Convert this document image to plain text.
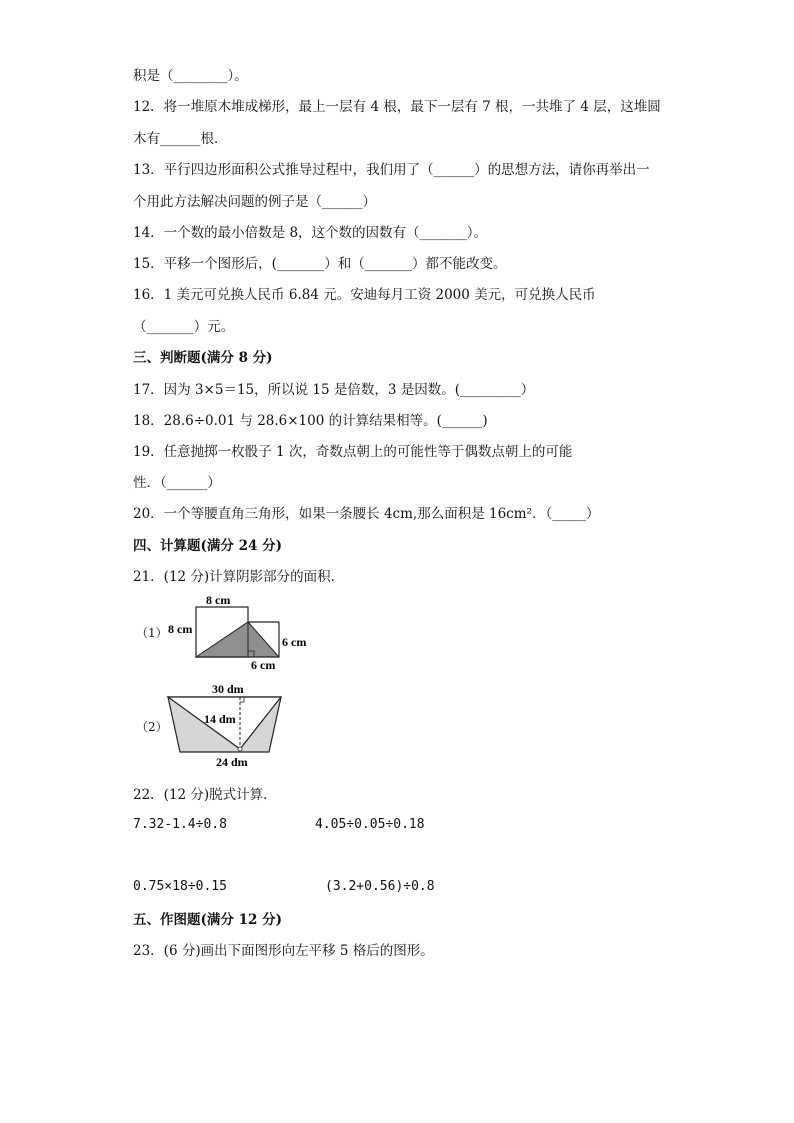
积是（________）。
12．将一堆原木堆成梯形，最上一层有 4 根，最下一层有 7 根，一共堆了 4 层，这堆圆
木有______根．
13．平行四边形面积公式推导过程中，我们用了（______）的思想方法，请你再举出一
个用此方法解决问题的例子是（______）
14．一个数的最小倍数是 8，这个数的因数有（_______）。
15．平移一个图形后，(_______）和（_______）都不能改变。
16．1 美元可兑换人民币 6.84 元。安迪每月工资 2000 美元，可兑换人民币
（_______）元。
三、判断题(满分 8 分)
17．因为 3×5＝15，所以说 15 是倍数，3 是因数。(_________）
18．28.6÷0.01 与 28.6×100 的计算结果相等。(______)
19．任意抛掷一枚骰子 1 次，奇数点朝上的可能性等于偶数点朝上的可能
性．（______）
20．一个等腰直角三角形，如果一条腰长 4cm,那么面积是 16cm²．（_____）
四、计算题(满分 24 分)
21．(12 分)计算阴影部分的面积．
（1）
8 cm
8 cm
6 cm
6 cm
（2）
30 dm
14 dm
24 dm
22．(12 分)脱式计算．
7.32-1.4÷0.8	4.05÷0.05÷0.18
0.75×18÷0.15	(3.2+0.56)÷0.8
五、作图题(满分 12 分)
23．(6 分)画出下面图形向左平移 5 格后的图形。
